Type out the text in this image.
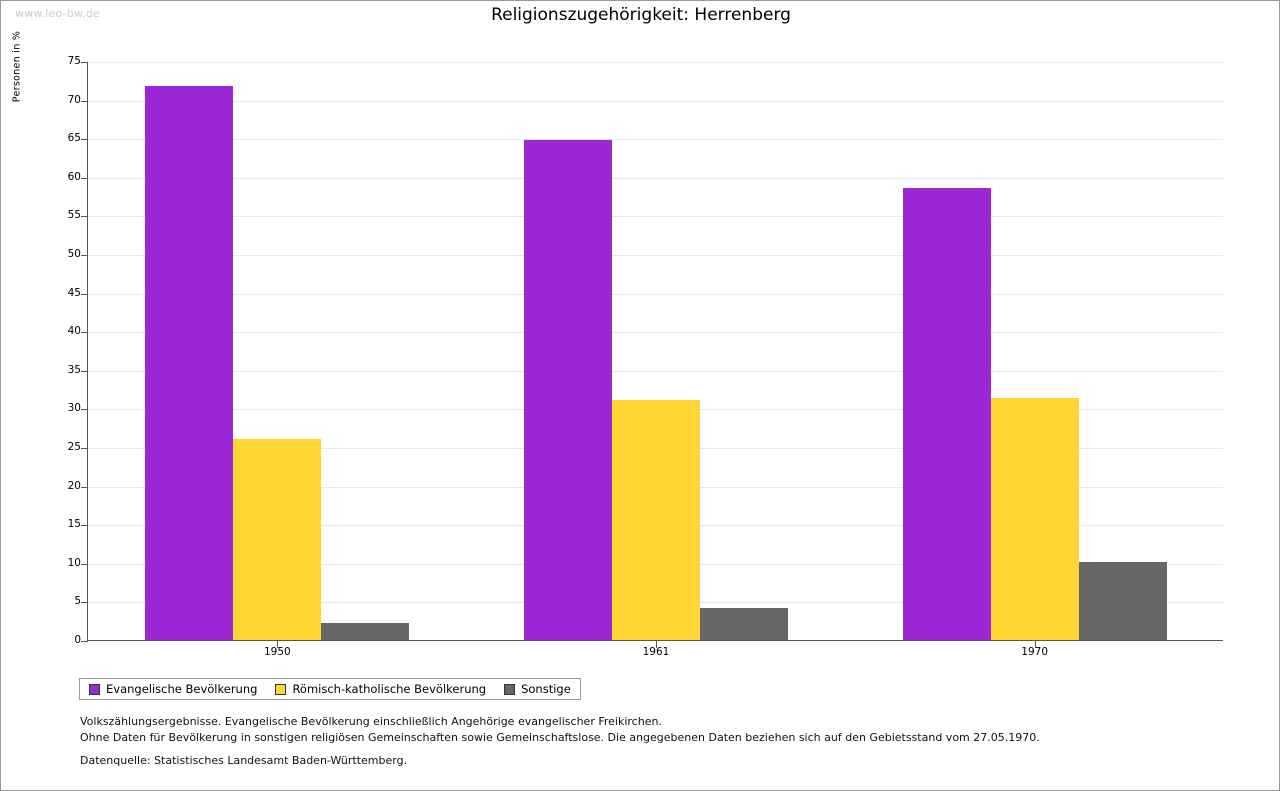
www.leo-bw.de	Religionszugehörigkeit: Herrenberg
Personen in %
0
5
10
15
20
25
30
35
40
45
50
55
60
65
70
75
1950	1961	1970
Evangelische Bevölkerung	Römisch-katholische Bevölkerung	Sonstige
Volkszählungsergebnisse. Evangelische Bevölkerung einschließlich Angehörige evangelischer Freikirchen.
Ohne Daten für Bevölkerung in sonstigen religiösen Gemeinschaften sowie Gemeinschaftslose. Die angegebenen Daten beziehen sich auf den Gebietsstand vom 27.05.1970.
Datenquelle: Statistisches Landesamt Baden-Württemberg.
